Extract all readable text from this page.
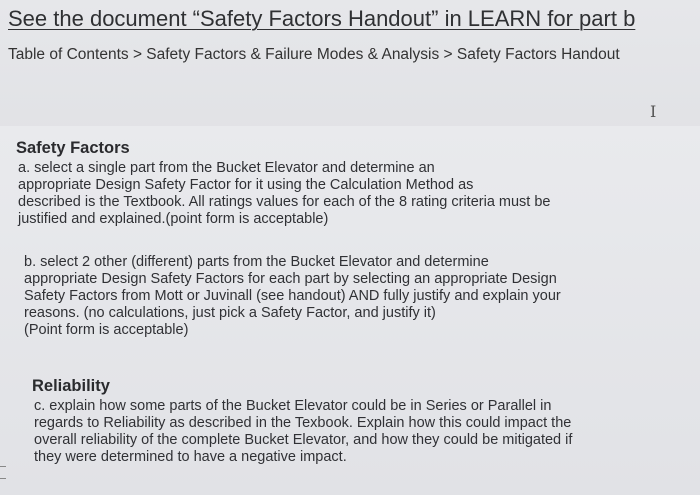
See the document “Safety Factors Handout” in LEARN for part b
Table of Contents > Safety Factors & Failure Modes & Analysis > Safety Factors Handout
I
Safety Factors
a. select a single part from the Bucket Elevator and determine an
appropriate Design Safety Factor for it using the Calculation Method as
described is the Textbook. All ratings values for each of the 8 rating criteria must be
justified and explained.(point form is acceptable)
b. select 2 other (different) parts from the Bucket Elevator and determine
appropriate Design Safety Factors for each part by selecting an appropriate Design
Safety Factors from Mott or Juvinall (see handout) AND fully justify and explain your
reasons. (no calculations, just pick a Safety Factor, and justify it)
(Point form is acceptable)
Reliability
c. explain how some parts of the Bucket Elevator could be in Series or Parallel in
regards to Reliability as described in the Texbook. Explain how this could impact the
overall reliability of the complete Bucket Elevator, and how they could be mitigated if
they were determined to have a negative impact.
